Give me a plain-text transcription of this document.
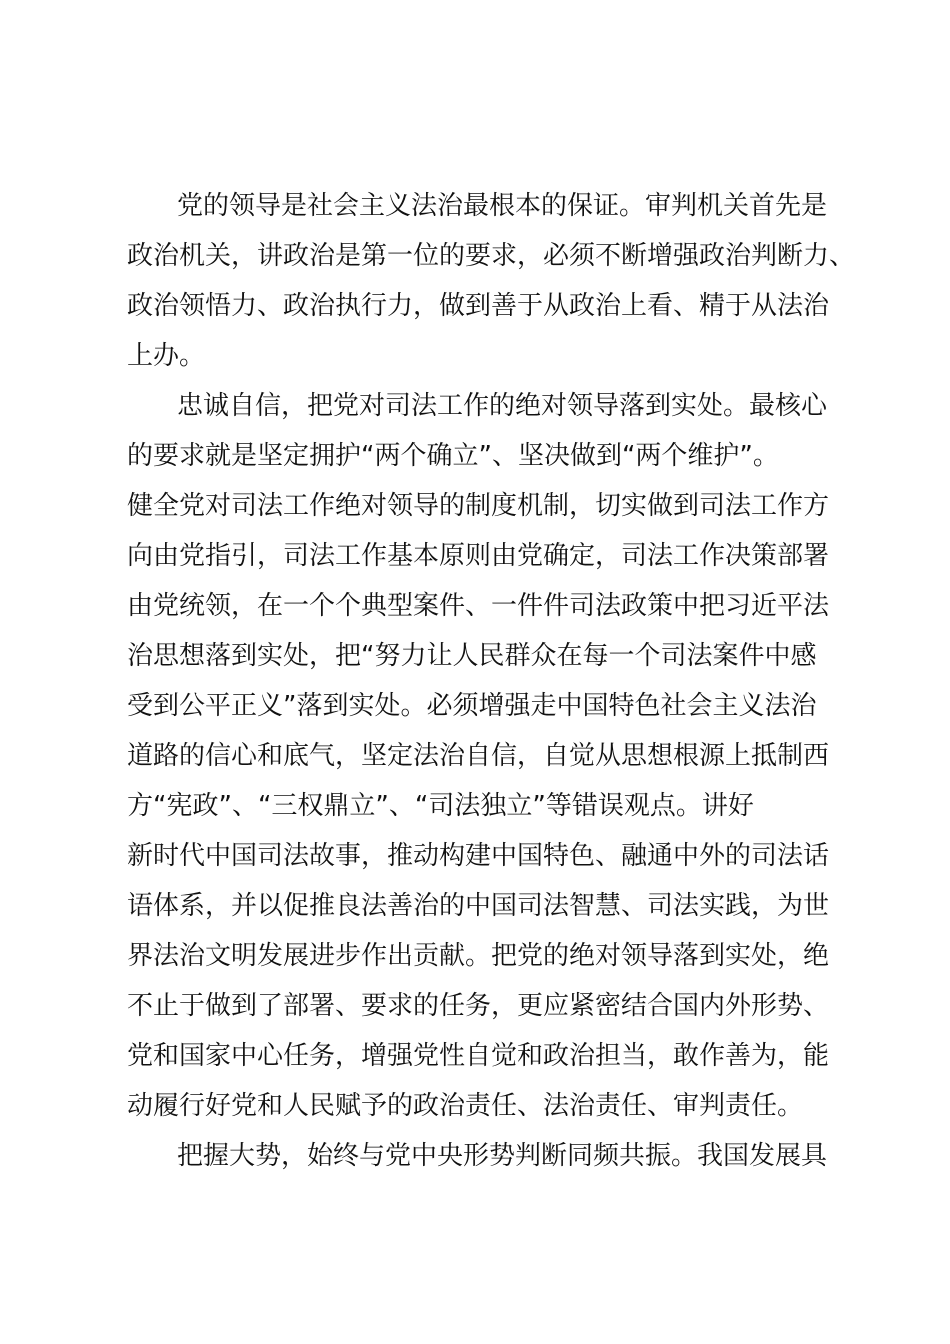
党的领导是社会主义法治最根本的保证。审判机关首先是
政治机关，讲政治是第一位的要求，必须不断增强政治判断力、
政治领悟力、政治执行力，做到善于从政治上看、精于从法治
上办。
忠诚自信，把党对司法工作的绝对领导落到实处。最核心
的要求就是坚定拥护“两个确立”、坚决做到“两个维护”。
健全党对司法工作绝对领导的制度机制，切实做到司法工作方
向由党指引，司法工作基本原则由党确定，司法工作决策部署
由党统领，在一个个典型案件、一件件司法政策中把习近平法
治思想落到实处，把“努力让人民群众在每一个司法案件中感
受到公平正义”落到实处。必须增强走中国特色社会主义法治
道路的信心和底气，坚定法治自信，自觉从思想根源上抵制西
方“宪政”、“三权鼎立”、“司法独立”等错误观点。讲好
新时代中国司法故事，推动构建中国特色、融通中外的司法话
语体系，并以促推良法善治的中国司法智慧、司法实践，为世
界法治文明发展进步作出贡献。把党的绝对领导落到实处，绝
不止于做到了部署、要求的任务，更应紧密结合国内外形势、
党和国家中心任务，增强党性自觉和政治担当，敢作善为，能
动履行好党和人民赋予的政治责任、法治责任、审判责任。
把握大势，始终与党中央形势判断同频共振。我国发展具
